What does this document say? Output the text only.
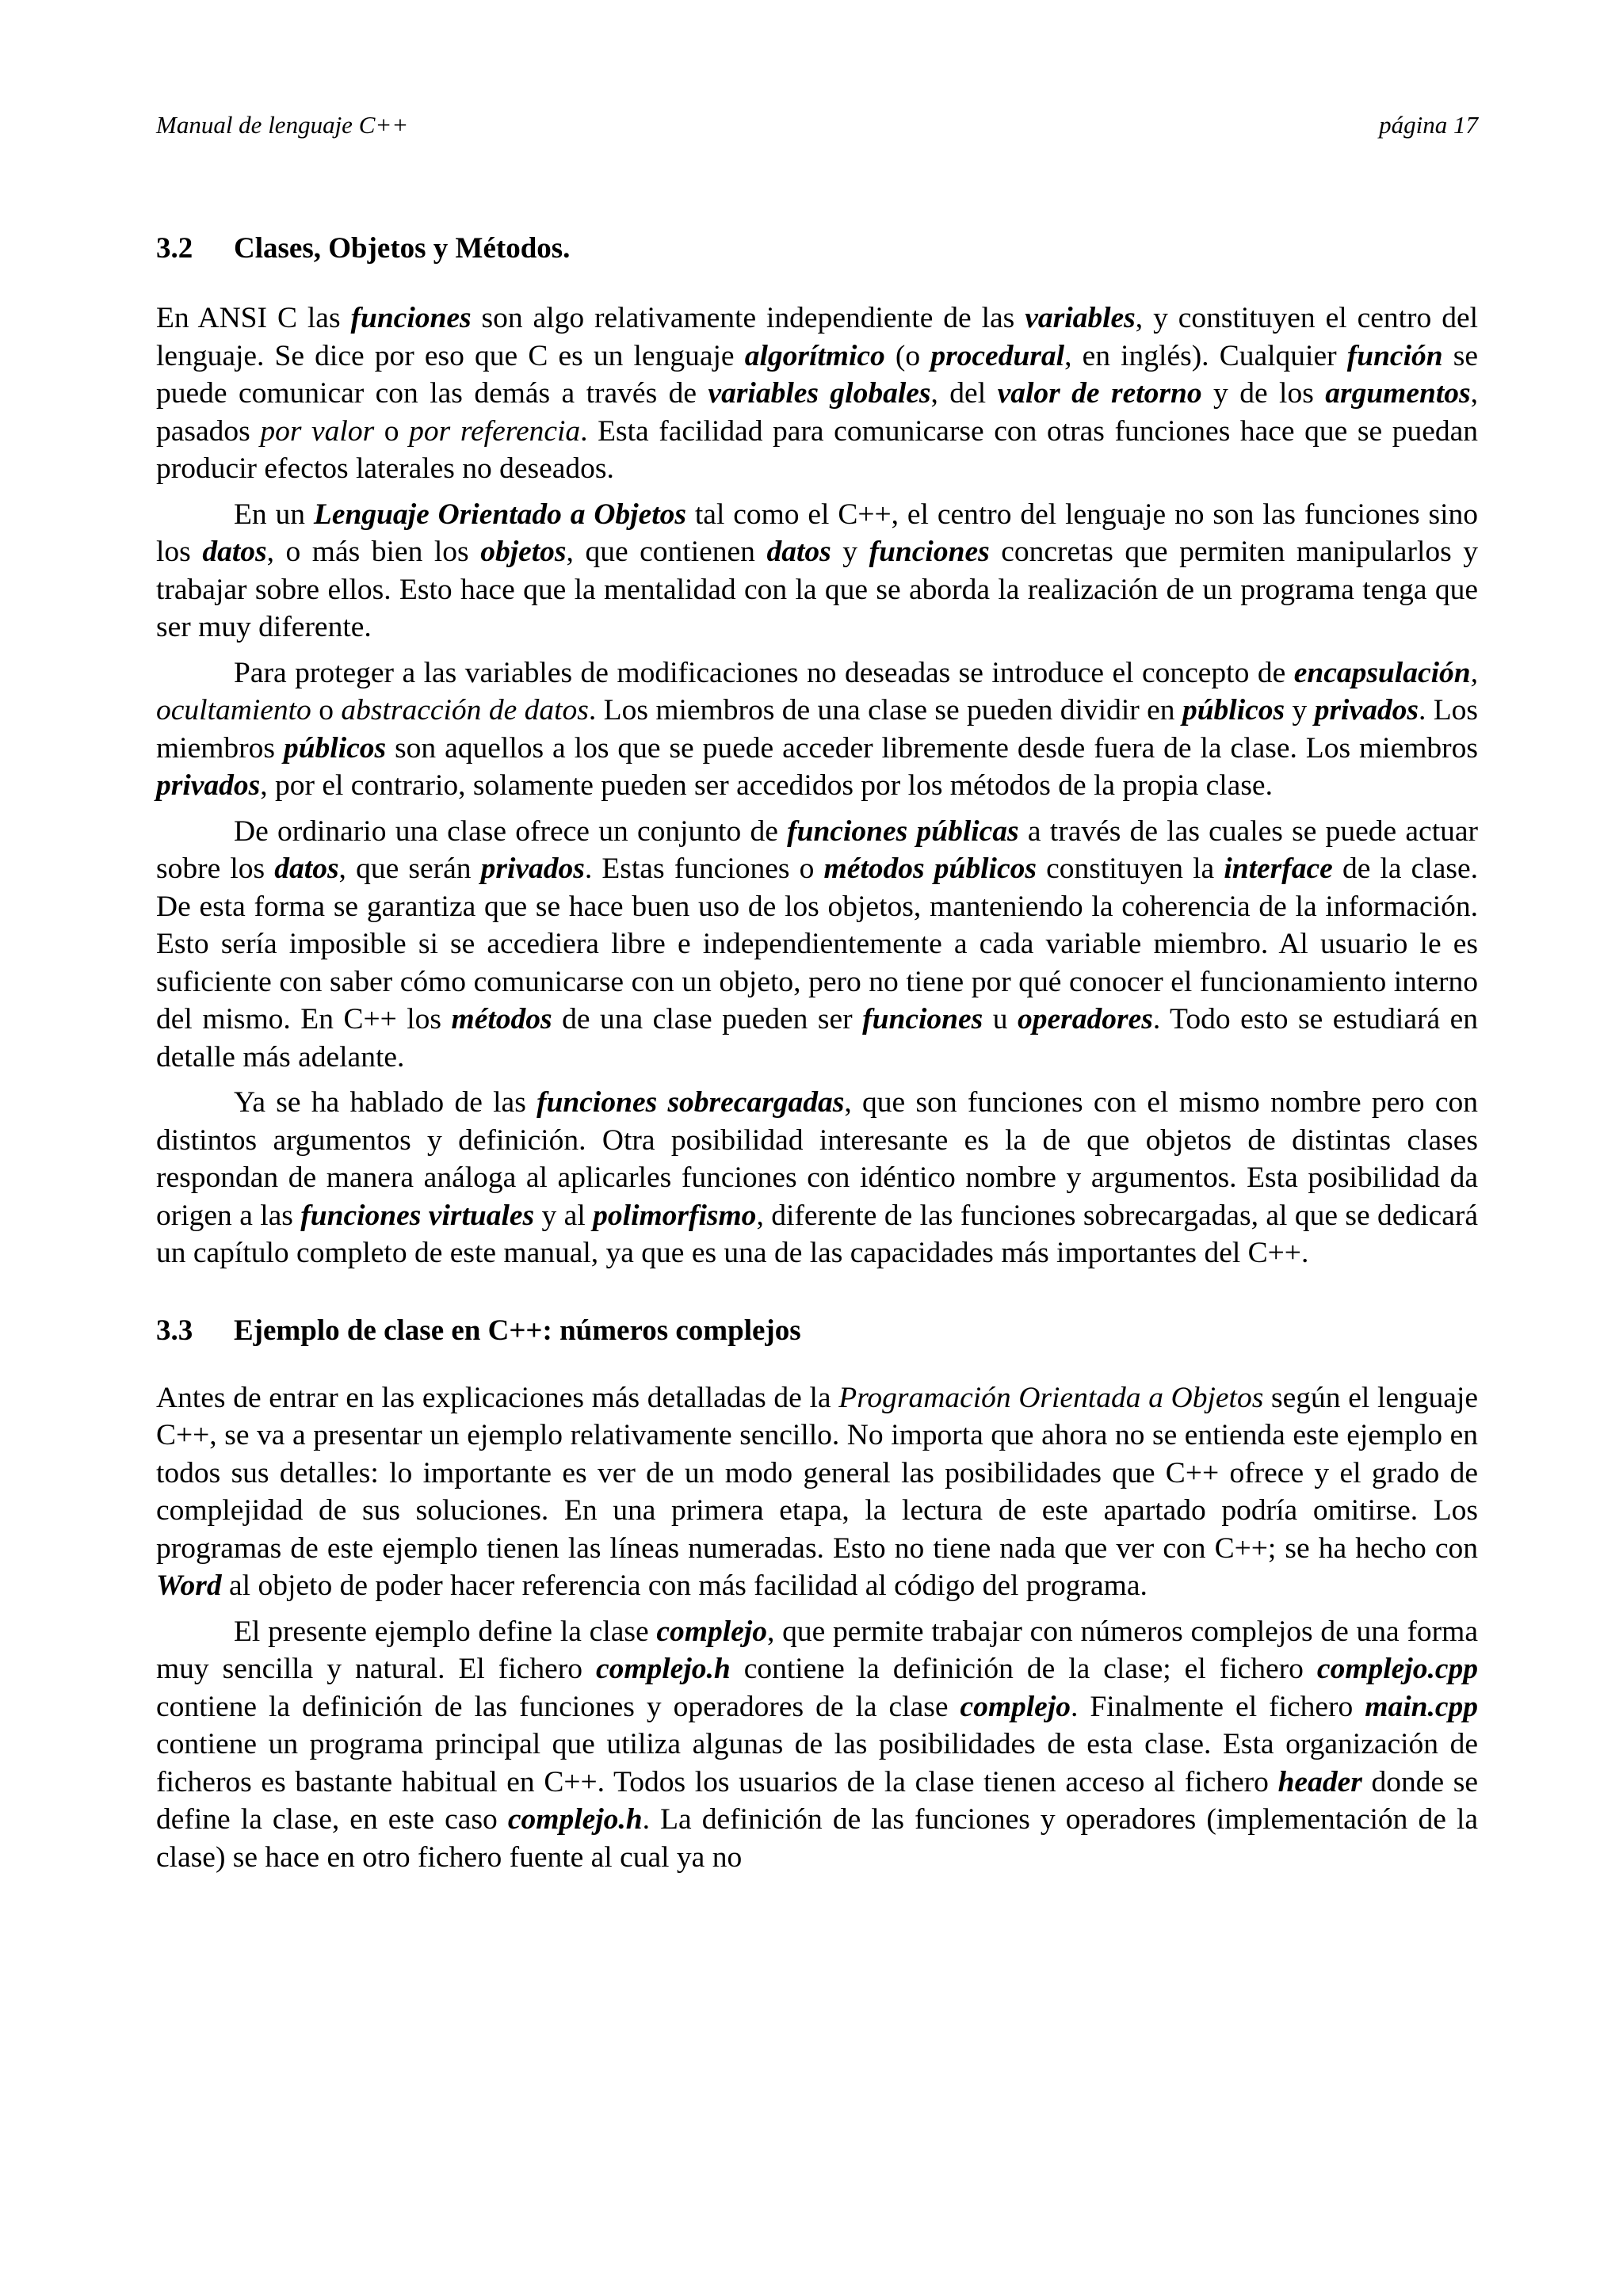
Manual de lenguaje C++	página 17
3.2	Clases, Objetos y Métodos.

En ANSI C las funciones son algo relativamente independiente de las variables, y constituyen el centro del lenguaje. Se dice por eso que C es un lenguaje algorítmico (o procedural, en inglés). Cualquier función se puede comunicar con las demás a través de variables globales, del valor de retorno y de los argumentos, pasados por valor o por referencia. Esta facilidad para comunicarse con otras funciones hace que se puedan producir efectos laterales no deseados.

En un Lenguaje Orientado a Objetos tal como el C++, el centro del lenguaje no son las funciones sino los datos, o más bien los objetos, que contienen datos y funciones concretas que permiten manipularlos y trabajar sobre ellos. Esto hace que la mentalidad con la que se aborda la realización de un programa tenga que ser muy diferente.

Para proteger a las variables de modificaciones no deseadas se introduce el concepto de encapsulación, ocultamiento o abstracción de datos. Los miembros de una clase se pueden dividir en públicos y privados. Los miembros públicos son aquellos a los que se puede acceder libremente desde fuera de la clase. Los miembros privados, por el contrario, solamente pueden ser accedidos por los métodos de la propia clase.

De ordinario una clase ofrece un conjunto de funciones públicas a través de las cuales se puede actuar sobre los datos, que serán privados. Estas funciones o métodos públicos constituyen la interface de la clase. De esta forma se garantiza que se hace buen uso de los objetos, manteniendo la coherencia de la información. Esto sería imposible si se accediera libre e independientemente a cada variable miembro. Al usuario le es suficiente con saber cómo comunicarse con un objeto, pero no tiene por qué conocer el funcionamiento interno del mismo. En C++ los métodos de una clase pueden ser funciones u operadores. Todo esto se estudiará en detalle más adelante.

Ya se ha hablado de las funciones sobrecargadas, que son funciones con el mismo nombre pero con distintos argumentos y definición. Otra posibilidad interesante es la de que objetos de distintas clases respondan de manera análoga al aplicarles funciones con idéntico nombre y argumentos. Esta posibilidad da origen a las funciones virtuales y al polimorfismo, diferente de las funciones sobrecargadas, al que se dedicará un capítulo completo de este manual, ya que es una de las capacidades más importantes del C++.

3.3	Ejemplo de clase en C++: números complejos

Antes de entrar en las explicaciones más detalladas de la Programación Orientada a Objetos según el lenguaje C++, se va a presentar un ejemplo relativamente sencillo. No importa que ahora no se entienda este ejemplo en todos sus detalles: lo importante es ver de un modo general las posibilidades que C++ ofrece y el grado de complejidad de sus soluciones. En una primera etapa, la lectura de este apartado podría omitirse. Los programas de este ejemplo tienen las líneas numeradas. Esto no tiene nada que ver con C++; se ha hecho con Word al objeto de poder hacer referencia con más facilidad al código del programa.

El presente ejemplo define la clase complejo, que permite trabajar con números complejos de una forma muy sencilla y natural. El fichero complejo.h contiene la definición de la clase; el fichero complejo.cpp contiene la definición de las funciones y operadores de la clase complejo. Finalmente el fichero main.cpp contiene un programa principal que utiliza algunas de las posibilidades de esta clase. Esta organización de ficheros es bastante habitual en C++. Todos los usuarios de la clase tienen acceso al fichero header donde se define la clase, en este caso complejo.h. La definición de las funciones y operadores (implementación de la clase) se hace en otro fichero fuente al cual ya no
